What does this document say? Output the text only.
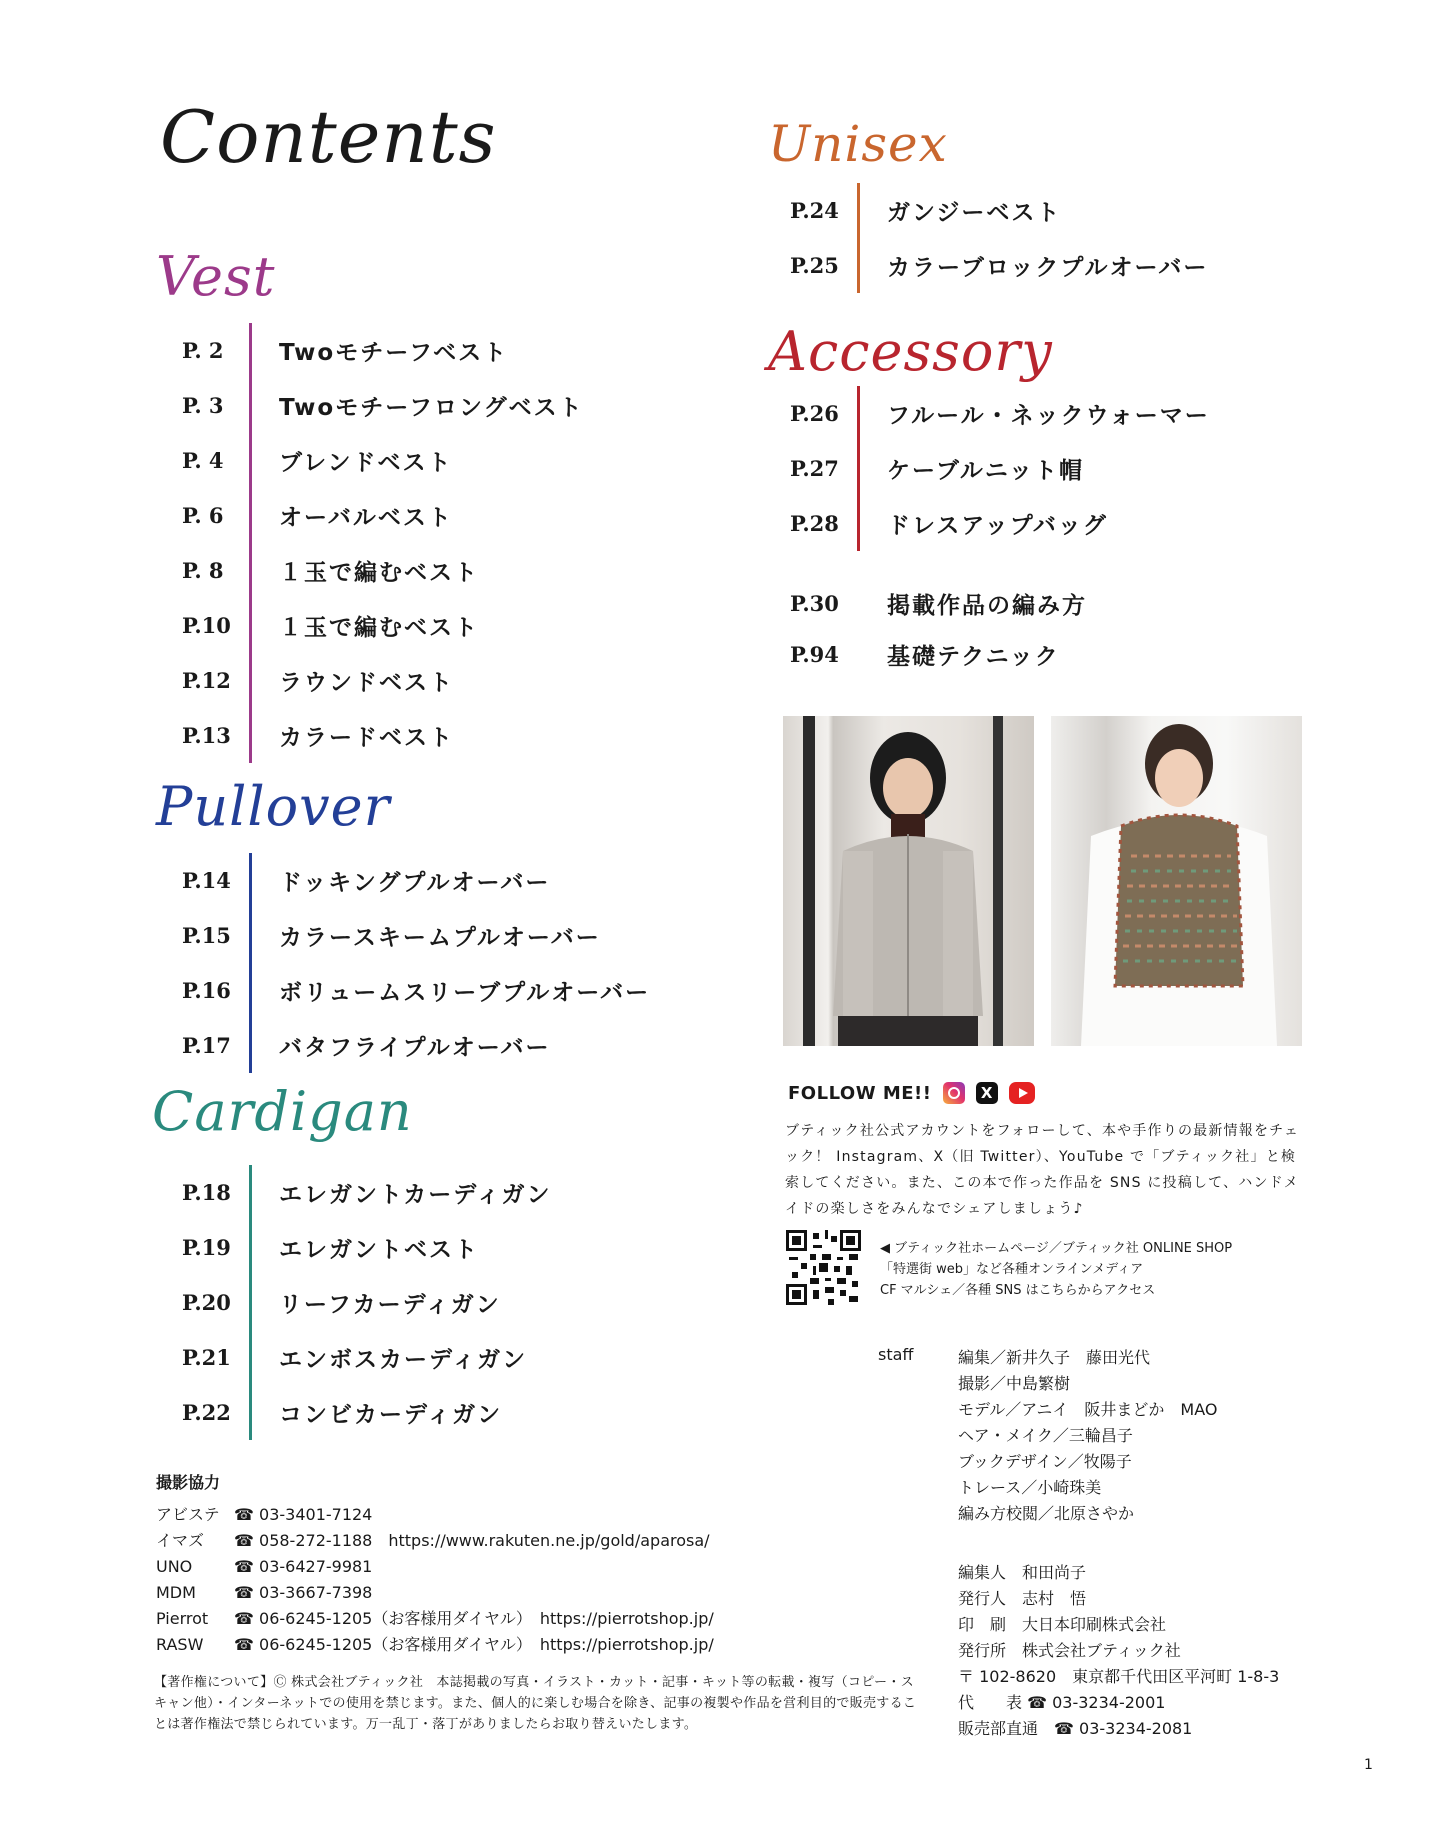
Contents
Vest
Pullover
Cardigan
Unisex
Accessory
P. 2	Twoモチーフベスト
P. 3	Twoモチーフロングベスト
P. 4	ブレンドベスト
P. 6	オーバルベスト
P. 8	１玉で編むベスト
P.10	１玉で編むベスト
P.12	ラウンドベスト
P.13	カラードベスト
P.14	ドッキングプルオーバー
P.15	カラースキームプルオーバー
P.16	ボリュームスリーブプルオーバー
P.17	バタフライプルオーバー
P.18	エレガントカーディガン
P.19	エレガントベスト
P.20	リーフカーディガン
P.21	エンボスカーディガン
P.22	コンビカーディガン
P.24	ガンジーベスト
P.25	カラーブロックプルオーバー
P.26	フルール・ネックウォーマー
P.27	ケーブルニット帽
P.28	ドレスアップバッグ
P.30	掲載作品の編み方
P.94	基礎テクニック
FOLLOW ME!!	X
ブティック社公式アカウントをフォローして、本や手作りの最新情報をチェック！ Instagram、X（旧 Twitter）、YouTube で「ブティック社」と検索してください。また、この本で作った作品を SNS に投稿して、ハンドメイドの楽しさをみんなでシェアしましょう♪
◀ ブティック社ホームページ／ブティック社 ONLINE SHOP
「特選街 web」など各種オンラインメディア
CF マルシェ／各種 SNS はこちらからアクセス
staff	編集／新井久子　藤田光代
撮影／中島繁樹
モデル／アニイ　阪井まどか　MAO
ヘア・メイク／三輪昌子
ブックデザイン／牧陽子
トレース／小崎珠美
編み方校閲／北原さやか
編集人　和田尚子
発行人　志村　悟
印　刷　大日本印刷株式会社
発行所　株式会社ブティック社
〒 102-8620　東京都千代田区平河町 1-8-3
代　　表 ☎ 03-3234-2001
販売部直通　☎ 03-3234-2081
撮影協力
アビステ ☎ 03-3401-7124
イマズ	☎ 058-272-1188　https://www.rakuten.ne.jp/gold/aparosa/
UNO	☎ 03-6427-9981
MDM	☎ 03-3667-7398
Pierrot	☎ 06-6245-1205（お客様用ダイヤル）　https://pierrotshop.jp/
RASW	☎ 06-6245-1205（お客様用ダイヤル）　https://pierrotshop.jp/
【著作権について】Ⓒ 株式会社ブティック社　本誌掲載の写真・イラスト・カット・記事・キット等の転載・複写（コピー・スキャン他）・インターネットでの使用を禁じます。また、個人的に楽しむ場合を除き、記事の複製や作品を営利目的で販売することは著作権法で禁じられています。万一乱丁・落丁がありましたらお取り替えいたします。
1
